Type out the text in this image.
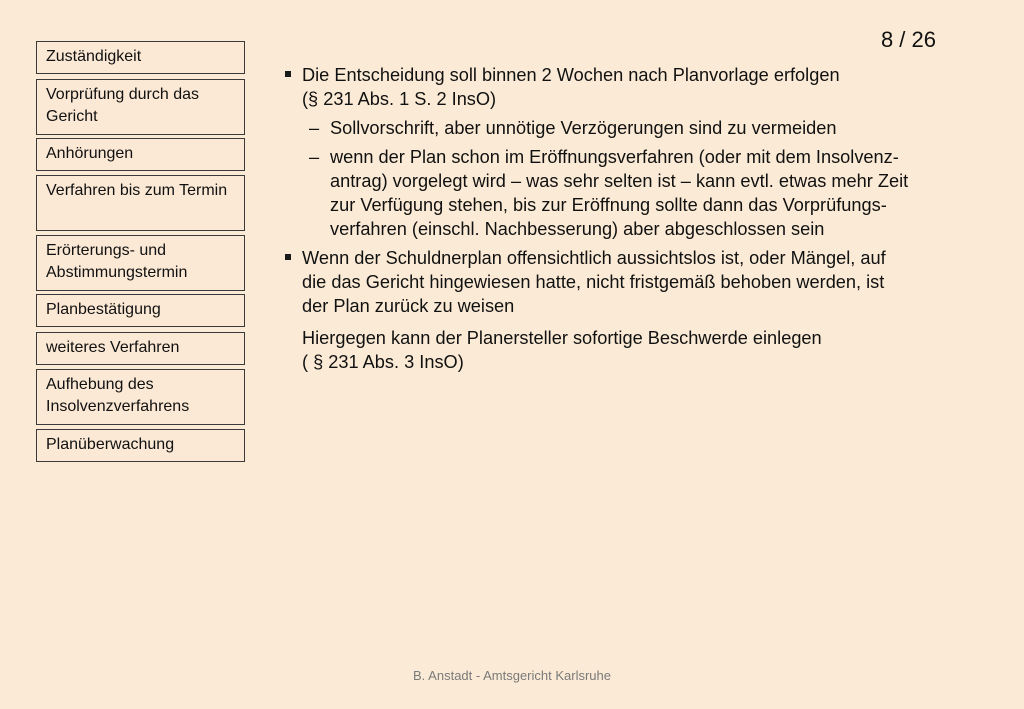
8 / 26
Zuständigkeit
Vorprüfung durch das Gericht
Anhörungen
Verfahren bis zum Termin
Erörterungs- und Abstimmungstermin
Planbestätigung
weiteres Verfahren
Aufhebung des Insolvenzverfahrens
Planüberwachung
Die Entscheidung soll binnen 2 Wochen nach Planvorlage erfolgen
(§ 231 Abs. 1 S. 2 InsO)
– Sollvorschrift, aber unnötige Verzögerungen sind zu vermeiden
– wenn der Plan schon im Eröffnungsverfahren (oder mit dem Insolvenz-
antrag) vorgelegt wird – was sehr selten ist – kann evtl. etwas mehr Zeit
zur Verfügung stehen, bis zur Eröffnung sollte dann das Vorprüfungs-
verfahren (einschl. Nachbesserung) aber abgeschlossen sein
Wenn der Schuldnerplan offensichtlich aussichtslos ist, oder Mängel, auf
die das Gericht hingewiesen hatte, nicht fristgemäß behoben werden, ist
der Plan zurück zu weisen
Hiergegen kann der Planersteller sofortige Beschwerde einlegen
( § 231 Abs. 3 InsO)
B. Anstadt - Amtsgericht Karlsruhe
